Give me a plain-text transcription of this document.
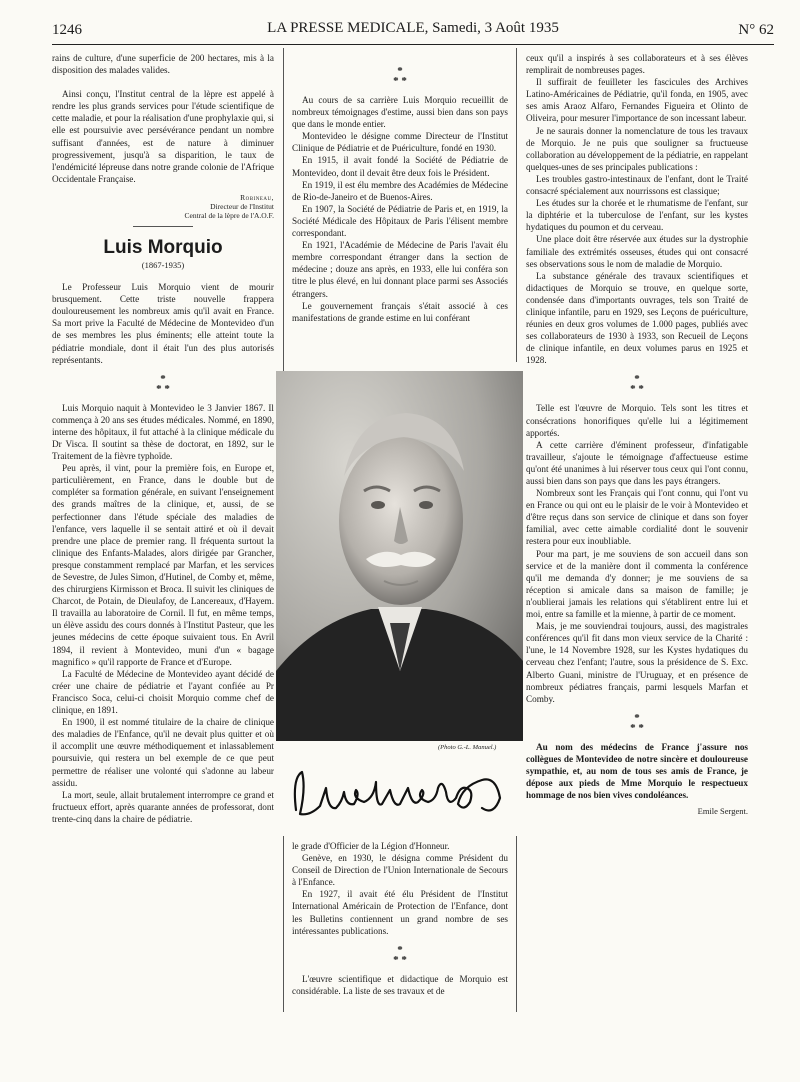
1246	LA PRESSE MEDICALE, Samedi, 3 Août 1935	N° 62

rains de culture, d'une superficie de 200 hectares, mis à la disposition des malades valides.

Ainsi conçu, l'Institut central de la lèpre est appelé à rendre les plus grands services pour l'étude scientifique de cette maladie, et pour la réalisation d'une prophylaxie qui, si elle est poursuivie avec persévérance pendant un nombre suffisant d'années, est de nature à diminuer progressivement, jusqu'à sa disparition, le taux de l'endémicité lépreuse dans notre grande colonie de l'Afrique Occidentale Française.

Robineau,
Directeur de l'Institut
Central de la lèpre de l'A.O.F.
Luis Morquio
(1867-1935)

Le Professeur Luis Morquio vient de mourir brusquement. Cette triste nouvelle frappera douloureusement les nombreux amis qu'il avait en France. Sa mort prive la Faculté de Médecine de Montevideo d'un de ses membres les plus éminents; elle atteint toute la pédiatrie mondiale, dont il était l'un des plus autorisés représentants.

*
* *

Luis Morquio naquit à Montevideo le 3 Janvier 1867. Il commença à 20 ans ses études médicales. Nommé, en 1890, interne des hôpitaux, il fut attaché à la clinique médicale du Dr Visca. Il soutint sa thèse de doctorat, en 1892, sur le Traitement de la fièvre typhoïde.

Peu après, il vint, pour la première fois, en Europe et, particulièrement, en France, dans le double but de compléter sa formation générale, en suivant l'enseignement des grands maîtres de la clinique, et, aussi, de se perfectionner dans l'étude spéciale des maladies de l'enfance, vers laquelle il se sentait attiré et où il devait prendre une place de premier rang. Il fréquenta surtout la clinique des Enfants-Malades, alors dirigée par Grancher, presque constamment remplacé par Marfan, et les services de Sevestre, de Jules Simon, d'Hutinel, de Comby et, même, des chirurgiens Kirmisson et Broca. Il suivit les cliniques de Charcot, de Potain, de Dieulafoy, de Lancereaux, d'Hayem. Il travailla au laboratoire de Cornil. Il fut, en même temps, un élève assidu des cours donnés à l'Institut Pasteur, que les jeunes médecins de cette époque suivaient tous. En Avril 1894, il revient à Montevideo, muni d'un « bagage magnifico » qu'il rapporte de France et d'Europe.

La Faculté de Médecine de Montevideo ayant décidé de créer une chaire de pédiatrie et l'ayant confiée au Pr Francisco Soca, celui-ci choisit Morquio comme chef de clinique, en 1891.

En 1900, il est nommé titulaire de la chaire de clinique des maladies de l'Enfance, qu'il ne devait plus quitter et où il accomplit une œuvre méthodiquement et inlassablement poursuivie, qui restera un bel exemple de ce que peut permettre de réaliser une volonté qui s'adonne au labeur assidu.

La mort, seule, allait brutalement interrompre ce grand et fructueux effort, après quarante années de professorat, dont trente-cinq dans la chaire de pédiatrie.

*
* *

Au cours de sa carrière Luis Morquio recueillit de nombreux témoignages d'estime, aussi bien dans son pays que dans le monde entier.

Montevideo le désigne comme Directeur de l'Institut Clinique de Pédiatrie et de Puériculture, fondé en 1930.

En 1915, il avait fondé la Société de Pédiatrie de Montevideo, dont il devait être deux fois le Président.

En 1919, il est élu membre des Académies de Médecine de Rio-de-Janeiro et de Buenos-Aires.

En 1907, la Société de Pédiatrie de Paris et, en 1919, la Société Médicale des Hôpitaux de Paris l'élisent membre correspondant.

En 1921, l'Académie de Médecine de Paris l'avait élu membre correspondant étranger dans la section de médecine ; douze ans après, en 1933, elle lui conféra son titre le plus élevé, en lui donnant place parmi ses Associés étrangers.

Le gouvernement français s'était associé à ces manifestations de grande estime en lui conférant

(Photo G.-L. Manuel.)

le grade d'Officier de la Légion d'Honneur.

Genève, en 1930, le désigna comme Président du Conseil de Direction de l'Union Internationale de Secours à l'Enfance.

En 1927, il avait été élu Président de l'Institut International Américain de Protection de l'Enfance, dont les Bulletins contiennent un grand nombre de ses intéressantes publications.

*
* *

L'œuvre scientifique et didactique de Morquio est considérable. La liste de ses travaux et de

ceux qu'il a inspirés à ses collaborateurs et à ses élèves remplirait de nombreuses pages.

Il suffirait de feuilleter les fascicules des Archives Latino-Américaines de Pédiatrie, qu'il fonda, en 1905, avec ses amis Araoz Alfaro, Fernandes Figueira et Olinto de Oliveira, pour mesurer l'importance de son incessant labeur.

Je ne saurais donner la nomenclature de tous les travaux de Morquio. Je ne puis que souligner sa fructueuse collaboration au développement de la pédiatrie, en rappelant quelques-unes de ses principales publications :

Les troubles gastro-intestinaux de l'enfant, dont le Traité consacré spécialement aux nourrissons est classique;

Les études sur la chorée et le rhumatisme de l'enfant, sur la diphtérie et la tuberculose de l'enfant, sur les kystes hydatiques du poumon et du cerveau.

Une place doit être réservée aux études sur la dystrophie familiale des extrémités osseuses, études qui ont consacré ses observations sous le nom de maladie de Morquio.

La substance générale des travaux scientifiques et didactiques de Morquio se trouve, en quelque sorte, condensée dans d'importants ouvrages, tels son Traité de clinique infantile, paru en 1929, ses Leçons de puériculture, réunies en deux gros volumes de 1.000 pages, publiés avec ses collaborateurs de 1930 à 1933, son Recueil de Leçons de clinique infantile, en deux volumes parus en 1925 et 1928.

*
* *

Telle est l'œuvre de Morquio. Tels sont les titres et consécrations honorifiques qu'elle lui a légitimement apportés.

A cette carrière d'éminent professeur, d'infatigable travailleur, s'ajoute le témoignage d'affectueuse estime qu'ont été unanimes à lui réserver tous ceux qui l'ont connu, aussi bien dans son pays que dans les pays étrangers.

Nombreux sont les Français qui l'ont connu, qui l'ont vu en France ou qui ont eu le plaisir de le voir à Montevideo et d'être reçus dans son service de clinique et dans son foyer familial, avec cette aimable cordialité dont le souvenir restera pour eux inoubliable.

Pour ma part, je me souviens de son accueil dans son service et de la manière dont il commenta la conférence qu'il me demanda d'y donner; je me souviens de sa réception si amicale dans sa maison de famille; je n'oublierai jamais les relations qui s'établirent entre lui et moi, entre sa famille et la mienne, à partir de ce moment.

Mais, je me souviendrai toujours, aussi, des magistrales conférences qu'il fit dans mon vieux service de la Charité : l'une, le 14 Novembre 1928, sur les Kystes hydatiques du cerveau chez l'enfant; l'autre, sous la présidence de S. Exc. Alberto Guani, ministre de l'Uruguay, et en présence de nombreux pédiatres français, parmi lesquels Marfan et Comby.

*
* *

Au nom des médecins de France j'assure nos collègues de Montevideo de notre sincère et douloureuse sympathie, et, au nom de tous ses amis de France, je dépose aux pieds de Mme Morquio le respectueux hommage de nos bien vives condoléances.

Emile Sergent.
